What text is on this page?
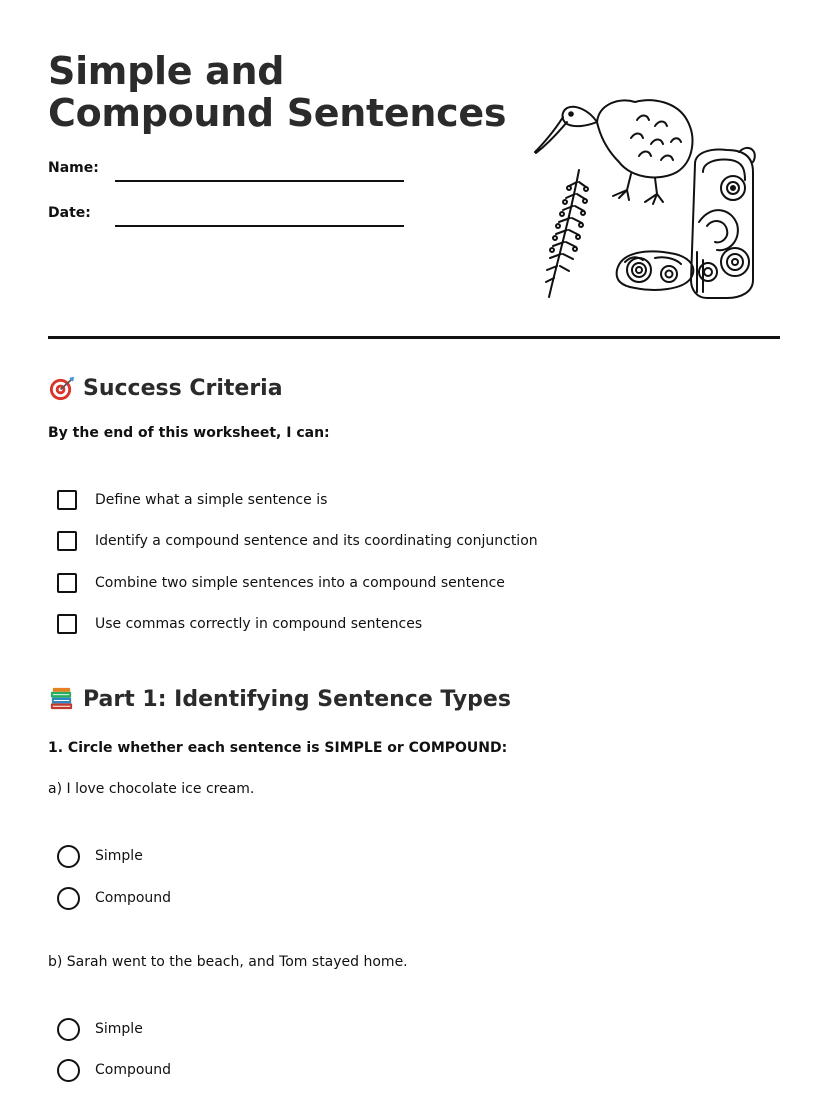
Simple and Compound Sentences
Name:
Date:
Success Criteria
By the end of this worksheet, I can:
Define what a simple sentence is
Identify a compound sentence and its coordinating conjunction
Combine two simple sentences into a compound sentence
Use commas correctly in compound sentences
Part 1: Identifying Sentence Types
1. Circle whether each sentence is SIMPLE or COMPOUND:
a) I love chocolate ice cream.
Simple
Compound
b) Sarah went to the beach, and Tom stayed home.
Simple
Compound
